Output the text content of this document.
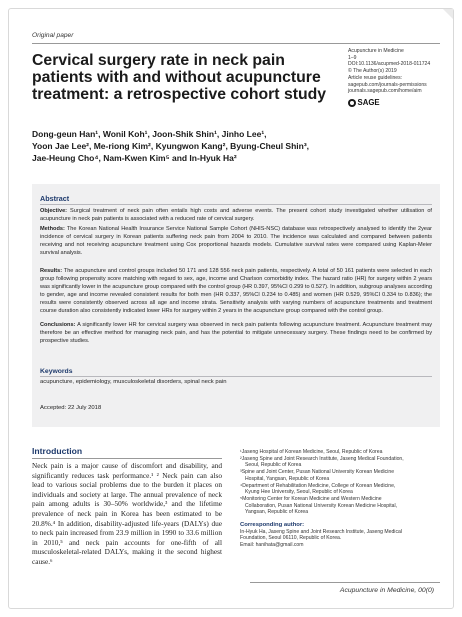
Original paper
Cervical surgery rate in neck pain patients with and without acupuncture treatment: a retrospective cohort study
Acupuncture in Medicine
1–9
DOI:10.1136/acupmed-2018-011724
© The Author(s) 2019
Article reuse guidelines:
sagepub.com/journals-permissions
journals.sagepub.com/home/aim
SAGE
Dong-geun Han¹, Wonil Koh¹, Joon-Shik Shin¹, Jinho Lee¹,
Yoon Jae Lee², Me-riong Kim², Kyungwon Kang², Byung-Cheul Shin³,
Jae-Heung Cho⁴, Nam-Kwen Kim⁵ and In-Hyuk Ha²
Abstract
Objective: Surgical treatment of neck pain often entails high costs and adverse events. The present cohort study investigated whether utilisation of acupuncture in neck pain patients is associated with a reduced rate of cervical surgery.
Methods: The Korean National Health Insurance Service National Sample Cohort (NHIS-NSC) database was retrospectively analysed to identify the 2year incidence of cervical surgery in Korean patients suffering neck pain from 2004 to 2010. The incidence was calculated and compared between patients receiving and not receiving acupuncture treatment using Cox proportional hazards models. Cumulative survival rates were compared using Kaplan-Meier survival analysis.
Results: The acupuncture and control groups included 50 171 and 128 556 neck pain patients, respectively. A total of 50 161 patients were selected in each group following propensity score matching with regard to sex, age, income and Charlson comorbidity index. The hazard ratio (HR) for surgery within 2 years was significantly lower in the acupuncture group compared with the control group (HR 0.397, 95%CI 0.299 to 0.527). In addition, subgroup analyses according to gender, age and income revealed consistent results for both men (HR 0.337, 95%CI 0.234 to 0.485) and women (HR 0.529, 95%CI 0.334 to 0.836); the results were consistently observed across all age and income strata. Sensitivity analysis with varying numbers of acupuncture treatments and treatment course duration also consistently indicated lower HRs for surgery within 2 years in the acupuncture group compared with the control group.
Conclusions: A significantly lower HR for cervical surgery was observed in neck pain patients following acupuncture treatment. Acupuncture treatment may therefore be an effective method for managing neck pain, and has the potential to mitigate unnecessary surgery. These findings need to be confirmed by prospective studies.
Keywords
acupuncture, epidemiology, musculoskeletal disorders, spinal neck pain
Accepted: 22 July 2018
Introduction
Neck pain is a major cause of discomfort and disability, and significantly reduces task performance.¹ ² Neck pain can also lead to various social problems due to the burden it places on individuals and society at large. The annual prevalence of neck pain among adults is 30–50% worldwide,³ and the lifetime prevalence of neck pain in Korea has been estimated to be 20.8%.⁴ In addition, disability-adjusted life-years (DALYs) due to neck pain increased from 23.9 million in 1990 to 33.6 million in 2010,⁵ and neck pain accounts for one-fifth of all musculoskeletal-related DALYs, making it the second highest cause.⁶

¹Jaseng Hospital of Korean Medicine, Seoul, Republic of Korea

²Jaseng Spine and Joint Research Institute, Jaseng Medical Foundation,

Seoul, Republic of Korea

³Spine and Joint Center, Pusan National University Korean Medicine

Hospital, Yangsan, Republic of Korea

⁴Department of Rehabilitation Medicine, College of Korean Medicine,

Kyung Hee University, Seoul, Republic of Korea

⁵Monitoring Center for Korean Medicine and Western Medicine

Collaboration, Pusan National University Korean Medicine Hospital,

Yangsan, Republic of Korea

Corresponding author:

In-Hyuk Ha, Jaseng Spine and Joint Research Institute, Jaseng Medical

Foundation, Seoul 06110, Republic of Korea.

Email: hanihata@gmail.com

Acupuncture in Medicine, 00(0)
